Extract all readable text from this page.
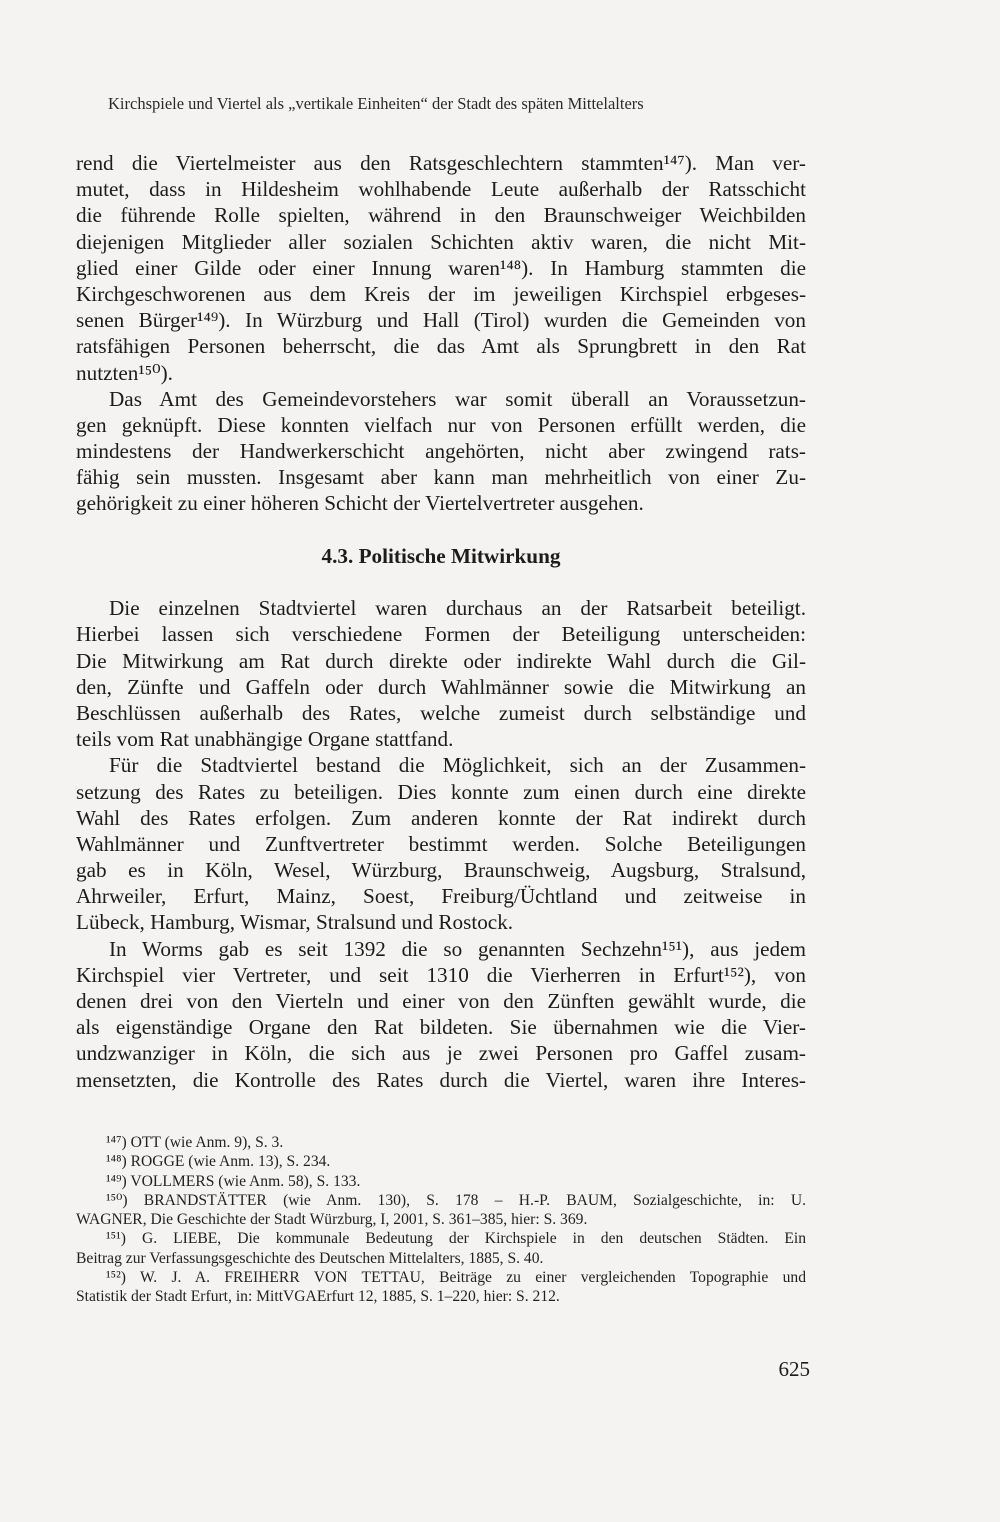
Kirchspiele und Viertel als „vertikale Einheiten“ der Stadt des späten Mittelalters
rend die Viertelmeister aus den Ratsgeschlechtern stammten¹⁴⁷). Man ver-
mutet, dass in Hildesheim wohlhabende Leute außerhalb der Ratsschicht
die führende Rolle spielten, während in den Braunschweiger Weichbilden
diejenigen Mitglieder aller sozialen Schichten aktiv waren, die nicht Mit-
glied einer Gilde oder einer Innung waren¹⁴⁸). In Hamburg stammten die
Kirchgeschworenen aus dem Kreis der im jeweiligen Kirchspiel erbgeses-
senen Bürger¹⁴⁹). In Würzburg und Hall (Tirol) wurden die Gemeinden von
ratsfähigen Personen beherrscht, die das Amt als Sprungbrett in den Rat
nutzten¹⁵⁰).
Das Amt des Gemeindevorstehers war somit überall an Voraussetzun-
gen geknüpft. Diese konnten vielfach nur von Personen erfüllt werden, die
mindestens der Handwerkerschicht angehörten, nicht aber zwingend rats-
fähig sein mussten. Insgesamt aber kann man mehrheitlich von einer Zu-
gehörigkeit zu einer höheren Schicht der Viertelvertreter ausgehen.
4.3. Politische Mitwirkung
Die einzelnen Stadtviertel waren durchaus an der Ratsarbeit beteiligt.
Hierbei lassen sich verschiedene Formen der Beteiligung unterscheiden:
Die Mitwirkung am Rat durch direkte oder indirekte Wahl durch die Gil-
den, Zünfte und Gaffeln oder durch Wahlmänner sowie die Mitwirkung an
Beschlüssen außerhalb des Rates, welche zumeist durch selbständige und
teils vom Rat unabhängige Organe stattfand.
Für die Stadtviertel bestand die Möglichkeit, sich an der Zusammen-
setzung des Rates zu beteiligen. Dies konnte zum einen durch eine direkte
Wahl des Rates erfolgen. Zum anderen konnte der Rat indirekt durch
Wahlmänner und Zunftvertreter bestimmt werden. Solche Beteiligungen
gab es in Köln, Wesel, Würzburg, Braunschweig, Augsburg, Stralsund,
Ahrweiler, Erfurt, Mainz, Soest, Freiburg/Üchtland und zeitweise in
Lübeck, Hamburg, Wismar, Stralsund und Rostock.
In Worms gab es seit 1392 die so genannten Sechzehn¹⁵¹), aus jedem
Kirchspiel vier Vertreter, und seit 1310 die Vierherren in Erfurt¹⁵²), von
denen drei von den Vierteln und einer von den Zünften gewählt wurde, die
als eigenständige Organe den Rat bildeten. Sie übernahmen wie die Vier-
undzwanziger in Köln, die sich aus je zwei Personen pro Gaffel zusam-
mensetzten, die Kontrolle des Rates durch die Viertel, waren ihre Interes-
¹⁴⁷) OTT (wie Anm. 9), S. 3.
¹⁴⁸) ROGGE (wie Anm. 13), S. 234.
¹⁴⁹) VOLLMERS (wie Anm. 58), S. 133.
¹⁵⁰) BRANDSTÄTTER (wie Anm. 130), S. 178 – H.-P. BAUM, Sozialgeschichte, in: U.
WAGNER, Die Geschichte der Stadt Würzburg, I, 2001, S. 361–385, hier: S. 369.
¹⁵¹) G. LIEBE, Die kommunale Bedeutung der Kirchspiele in den deutschen Städten. Ein
Beitrag zur Verfassungsgeschichte des Deutschen Mittelalters, 1885, S. 40.
¹⁵²) W. J. A. FREIHERR VON TETTAU, Beiträge zu einer vergleichenden Topographie und
Statistik der Stadt Erfurt, in: MittVGAErfurt 12, 1885, S. 1–220, hier: S. 212.
625
